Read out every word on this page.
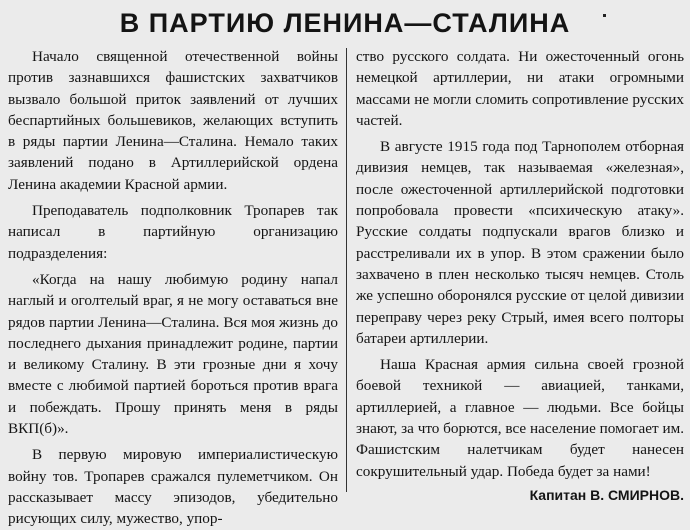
В ПАРТИЮ ЛЕНИНА—СТАЛИНА

Начало священной отечественной войны против зазнавшихся фашистских захватчиков вызвало большой приток заявлений от лучших беспартийных большевиков, желающих вступить в ряды партии Ленина—Сталина. Немало таких заявлений подано в Артиллерийской ордена Ленина академии Красной армии.

Преподаватель подполковник Тропарев так написал в партийную организацию подразделения:

«Когда на нашу любимую родину напал наглый и оголтелый враг, я не могу оставаться вне рядов партии Ленина—Сталина. Вся моя жизнь до последнего дыхания принадлежит родине, партии и великому Сталину. В эти грозные дни я хочу вместе с любимой партией бороться против врага и побеждать. Прошу принять меня в ряды ВКП(б)».

В первую мировую империалистическую войну тов. Тропарев сражался пулеметчиком. Он рассказывает массу эпизодов, убедительно рисующих силу, мужество, упор-

ство русского солдата. Ни ожесточенный огонь немецкой артиллерии, ни атаки огромными массами не могли сломить сопротивление русских частей.

В августе 1915 года под Тарнополем отборная дивизия немцев, так называемая «железная», после ожесточенной артиллерийской подготовки попробовала провести «психическую атаку». Русские солдаты подпускали врагов близко и расстреливали их в упор. В этом сражении было захвачено в плен несколько тысяч немцев. Столь же успешно оборонялся русские от целой дивизии переправу через реку Стрый, имея всего полторы батареи артиллерии.

Наша Красная армия сильна своей грозной боевой техникой — авиацией, танками, артиллерией, а главное — людьми. Все бойцы знают, за что борются, все население помогает им. Фашистским налетчикам будет нанесен сокрушительный удар. Победа будет за нами!

Капитан В. СМИРНОВ.
